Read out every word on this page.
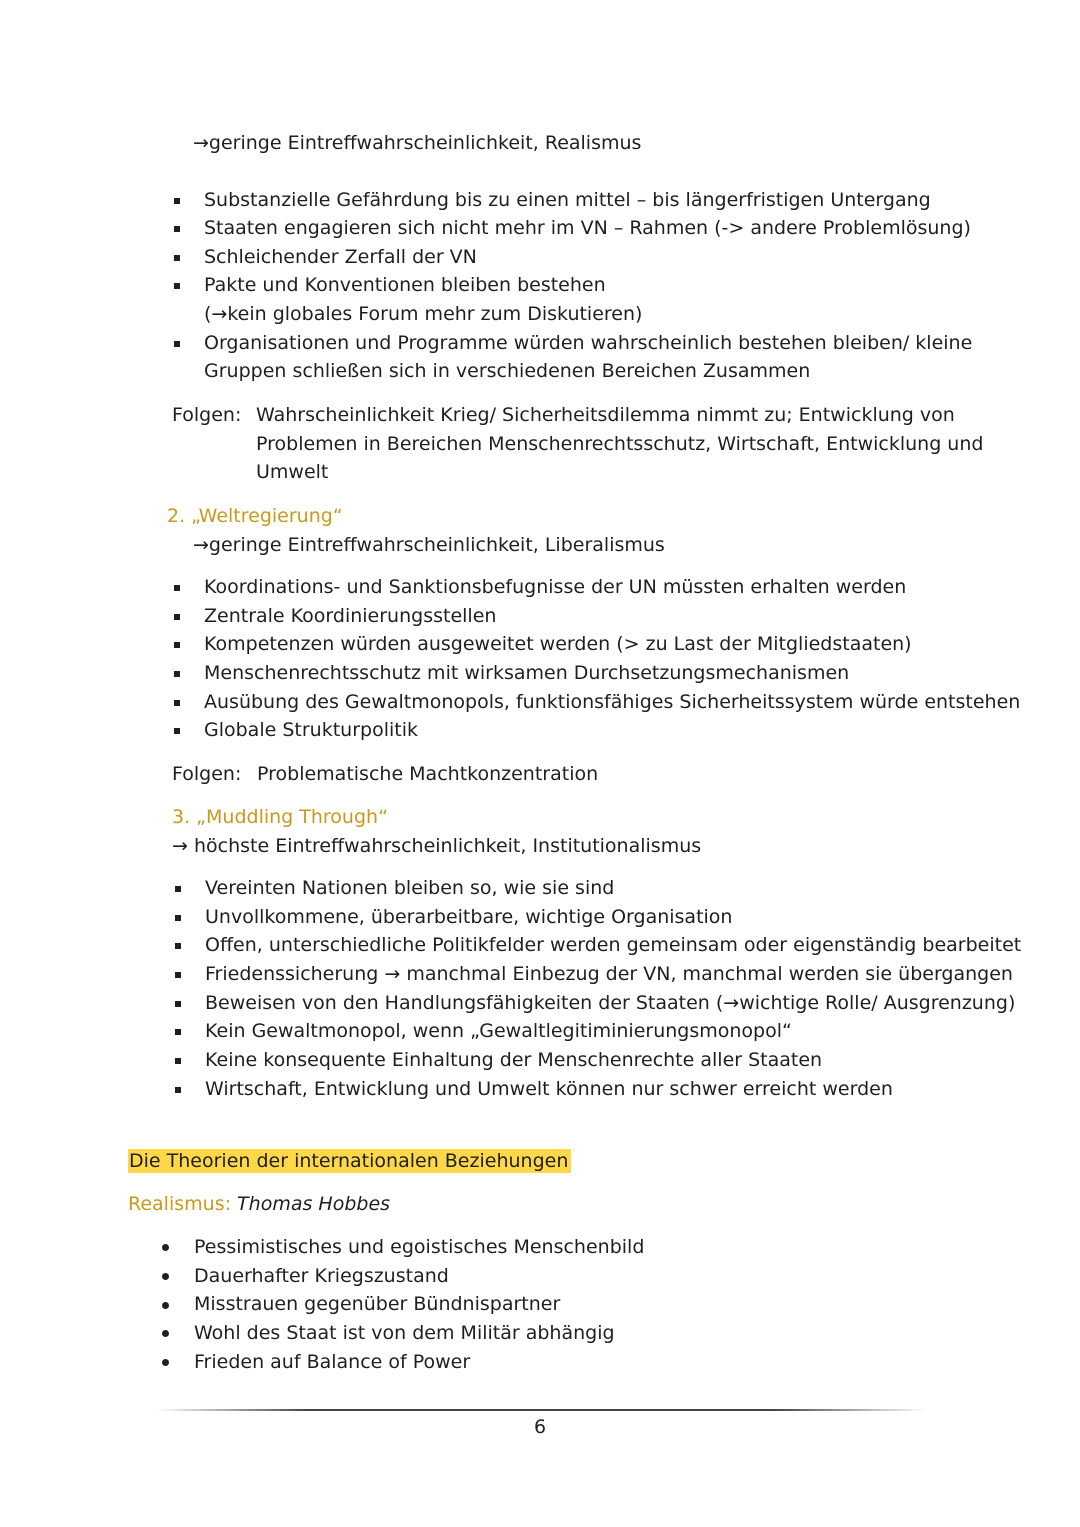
→geringe Eintreffwahrscheinlichkeit, Realismus
Substanzielle Gefährdung bis zu einen mittel – bis längerfristigen Untergang
Staaten engagieren sich nicht mehr im VN – Rahmen (-> andere Problemlösung)
Schleichender Zerfall der VN
Pakte und Konventionen bleiben bestehen
(→kein globales Forum mehr zum Diskutieren)
Organisationen und Programme würden wahrscheinlich bestehen bleiben/ kleine
Gruppen schließen sich in verschiedenen Bereichen Zusammen
Folgen: Wahrscheinlichkeit Krieg/ Sicherheitsdilemma nimmt zu; Entwicklung von
Problemen in Bereichen Menschenrechtsschutz, Wirtschaft, Entwicklung und
Umwelt
2. „Weltregierung“
→geringe Eintreffwahrscheinlichkeit, Liberalismus
Koordinations- und Sanktionsbefugnisse der UN müssten erhalten werden
Zentrale Koordinierungsstellen
Kompetenzen würden ausgeweitet werden (> zu Last der Mitgliedstaaten)
Menschenrechtsschutz mit wirksamen Durchsetzungsmechanismen
Ausübung des Gewaltmonopols, funktionsfähiges Sicherheitssystem würde entstehen
Globale Strukturpolitik
Folgen: Problematische Machtkonzentration
3. „Muddling Through“
→ höchste Eintreffwahrscheinlichkeit, Institutionalismus
Vereinten Nationen bleiben so, wie sie sind
Unvollkommene, überarbeitbare, wichtige Organisation
Offen, unterschiedliche Politikfelder werden gemeinsam oder eigenständig bearbeitet
Friedenssicherung → manchmal Einbezug der VN, manchmal werden sie übergangen
Beweisen von den Handlungsfähigkeiten der Staaten (→wichtige Rolle/ Ausgrenzung)
Kein Gewaltmonopol, wenn „Gewaltlegitiminierungsmonopol“
Keine konsequente Einhaltung der Menschenrechte aller Staaten
Wirtschaft, Entwicklung und Umwelt können nur schwer erreicht werden
Die Theorien der internationalen Beziehungen
Realismus: Thomas Hobbes
Pessimistisches und egoistisches Menschenbild
Dauerhafter Kriegszustand
Misstrauen gegenüber Bündnispartner
Wohl des Staat ist von dem Militär abhängig
Frieden auf Balance of Power
6
